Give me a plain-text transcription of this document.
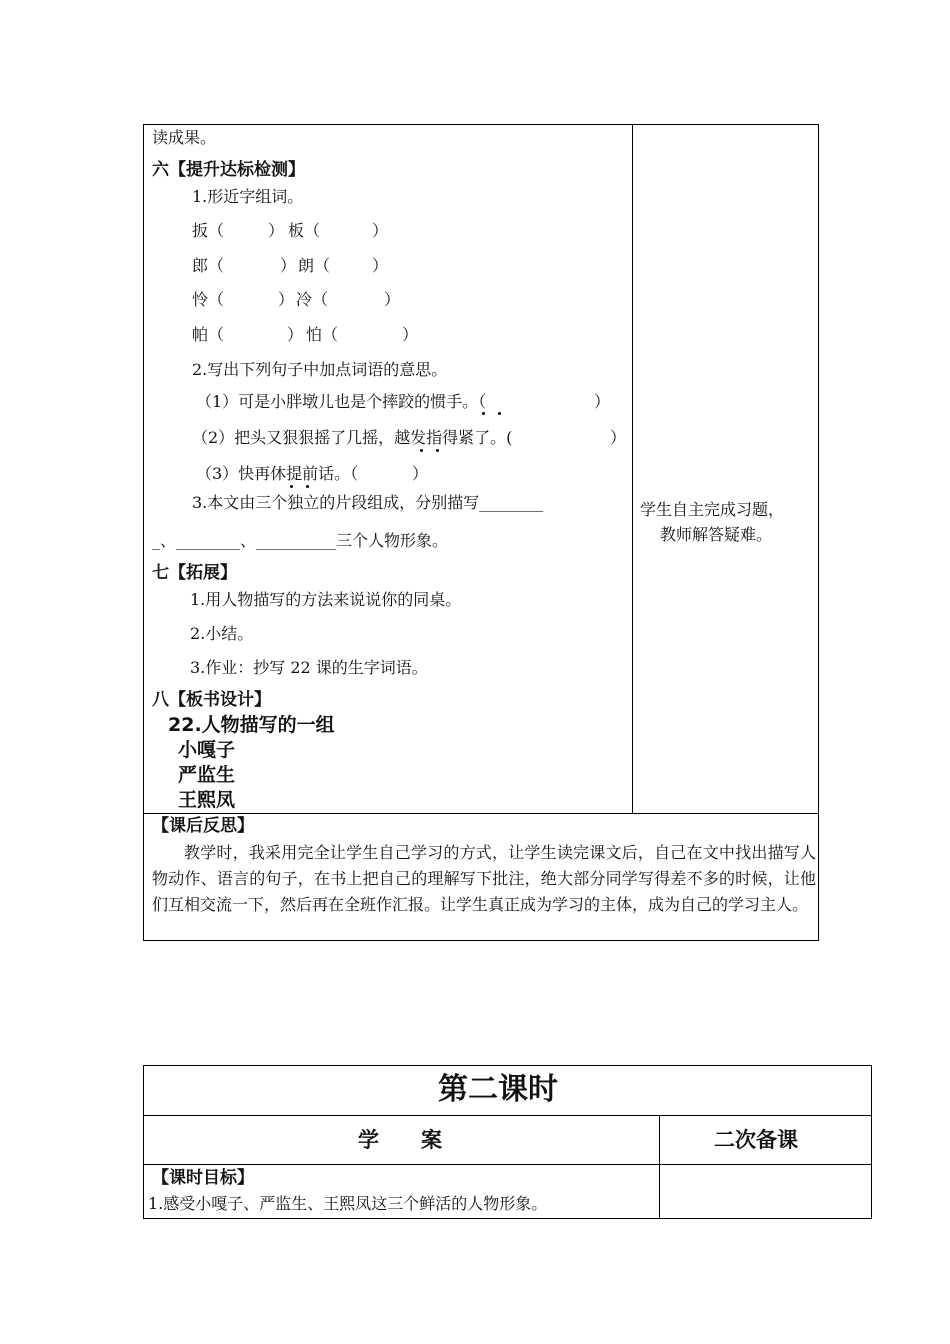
读成果。
六【提升达标检测】
1.形近字组词。
扳（	） 板（	）
郎（	） 朗（	）
怜（	） 冷（	）
帕（	） 怕（	）
2.写出下列句子中加点词语的意思。
（1）可是小胖墩儿也是个摔跤的惯手。（	）
（2）把头又狠狠摇了几摇，越发指得紧了。(	）
（3）快再休提前话。（	）
3.本文由三个独立的片段组成，分别描写________
_、________、__________三个人物形象。
七【拓展】
1.用人物描写的方法来说说你的同桌。
2.小结。
3.作业：抄写 22 课的生字词语。
八【板书设计】
22.人物描写的一组
小嘎子
严监生
王熙凤
学生自主完成习题，
教师解答疑难。
【课后反思】
教学时，我采用完全让学生自己学习的方式，让学生读完课文后，自己在文中找出描写人物动作、语言的句子，在书上把自己的理解写下批注，绝大部分同学写得差不多的时候，让他们互相交流一下，然后再在全班作汇报。让学生真正成为学习的主体，成为自己的学习主人。
第二课时
学　　案	二次备课
【课时目标】
1.感受小嘎子、严监生、王熙凤这三个鲜活的人物形象。
